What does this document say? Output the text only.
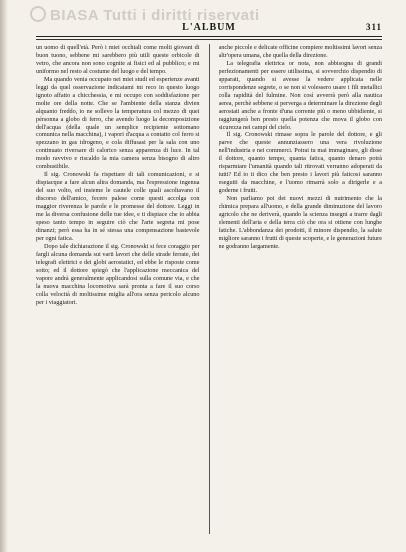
BIASA Tutti i diritti riservati
L'ALBUM	311

un uomo di quell'età. Però i miei occhiali come molti giovani di buon tuono, sebbene mi sarebbero più utili queste orbicole di vetro, che ancora non sono cognite ai fisici ed al pubblico; e mi uniformo nel resto al costume del luogo e del tempo.

Ma quando venia occupato nei miei studi ed esperienze avanti leggi da quel osservazione indicatami mi reco in questo luogo ignoto affatto a chicchessia, e mi occupo con soddisfazione per molte ore della notte. Che se l'ambiente della stanza divien alquanto freddo, io ne sollevo la temperatura col mezzo di quei pérsonna a globo di ferro, che avendo luogo la decomposizione dell'acqua (della quale un semplice recipiente sottomano comunica nella macchina), i vapori d'acqua a contatto col ferro si spezzano in gas idrogeno, e cola diffusasi per la sala con uno continuato riversare di calorico senza apparenza di luce. In tal modo ravvivo e riscaldo la mia camera senza bisogno di altro combustibile.

Il sig. Cronowski fa rispettare di tali comunicazioni, e si dispiacque a fare alcun altra domanda, ma l'espressione ingenua del suo volto, ed insieme le cautele colle quali ascoltavano il discorso dell'amico, fecero palese come questi accolga con maggior riverenza le parole e le promesse del dottore. Leggi in me la diversa confusione delle tue idee, e ti dispiace che io abbia speso tanto tempo in seguire ciò che l'arte segreta mi pose dinanzi; però essa ha in sé stessa una compensazione bastevole per ogni fatica.

Dopo tale dichiarazione il sig. Cronowski si fece coraggio per fargli alcuna domanda sui varii lavori che delle strade ferrate, dei telegrafi elettrici e dei globi aerostatici, ed ebbe le risposte come sotto; ed il dottore spiegò che l'applicazione meccanica del vapore andrà generalmente applicandosi sulla comune via, e che la nuova macchina locomotiva sarà pronta a fare il suo corso colla velocità di moltissime miglia all'ora senza pericolo alcuno per i viaggiatori.

anche piccole e delicate officine compiere moltissimi lavori senza altr'opera umana, che quella della direzione.

La telegrafia elettrica or nota, non abbisogna di grandi perfezionamenti per essere utilissima, si sovverchio dispendio di apparati, quando si avesse la vedere applicata nelle corrispondenze segrete, o se non si volessero usare i fili metallici colla rapidità del fulmine. Non così avverrà però alla nautica aerea, perchè sebbene si perverga a determinare la direzione degli aerostati anche a fronte d'una corrente più o meno ubbidiente, si raggiungerà ben presto quella potenza che mova il globo con sicurezza nei campi del cielo.

Il sig. Cronowski rimase sopra le parole del dottore, e gli parve che queste annunziassero una vera rivoluzione nell'industria e nei commerci. Potrai tu mai immaginare, gli disse il dottore, quanto tempo, quanta fatica, quanto denaro potrà risparmiare l'umanità quando tali ritrovati verranno adoperati da tutti? Ed io ti dico che ben presto i lavori più faticosi saranno eseguiti da macchine, e l'uomo rimarrà solo a dirigerle e a goderne i frutti.

Non parliamo poi dei nuovi mezzi di nutrimento che la chimica prepara all'uomo, e della grande diminuzione del lavoro agricolo che ne deriverà, quando la scienza insegni a trarre dagli elementi dell'aria e della terra ciò che ora si ottiene con lunghe fatiche. L'abbondanza dei prodotti, il minore dispendio, la salute migliore saranno i frutti di queste scoperte, e le generazioni future ne godranno largamente.
